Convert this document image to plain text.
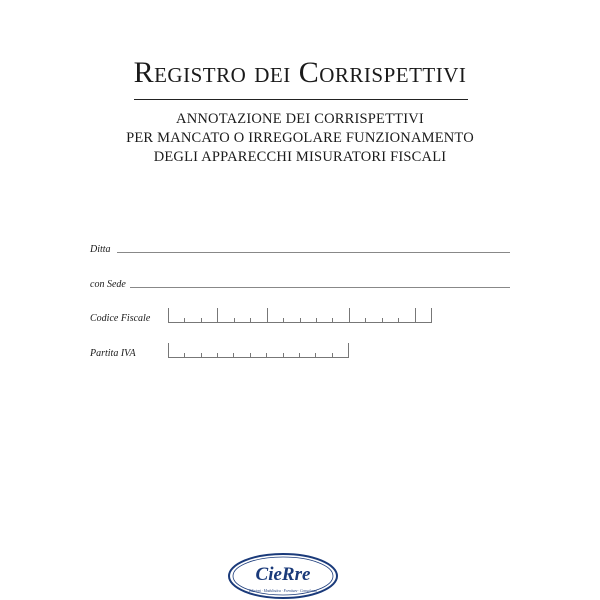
Registro dei Corrispettivi
ANNOTAZIONE DEI CORRISPETTIVI
PER MANCATO O IRREGOLARE FUNZIONAMENTO
DEGLI APPARECCHI MISURATORI FISCALI
Ditta
con Sede
Codice Fiscale
Partita IVA
CieRre
Edizioni · Modulistica · Forniture · Consulenza
